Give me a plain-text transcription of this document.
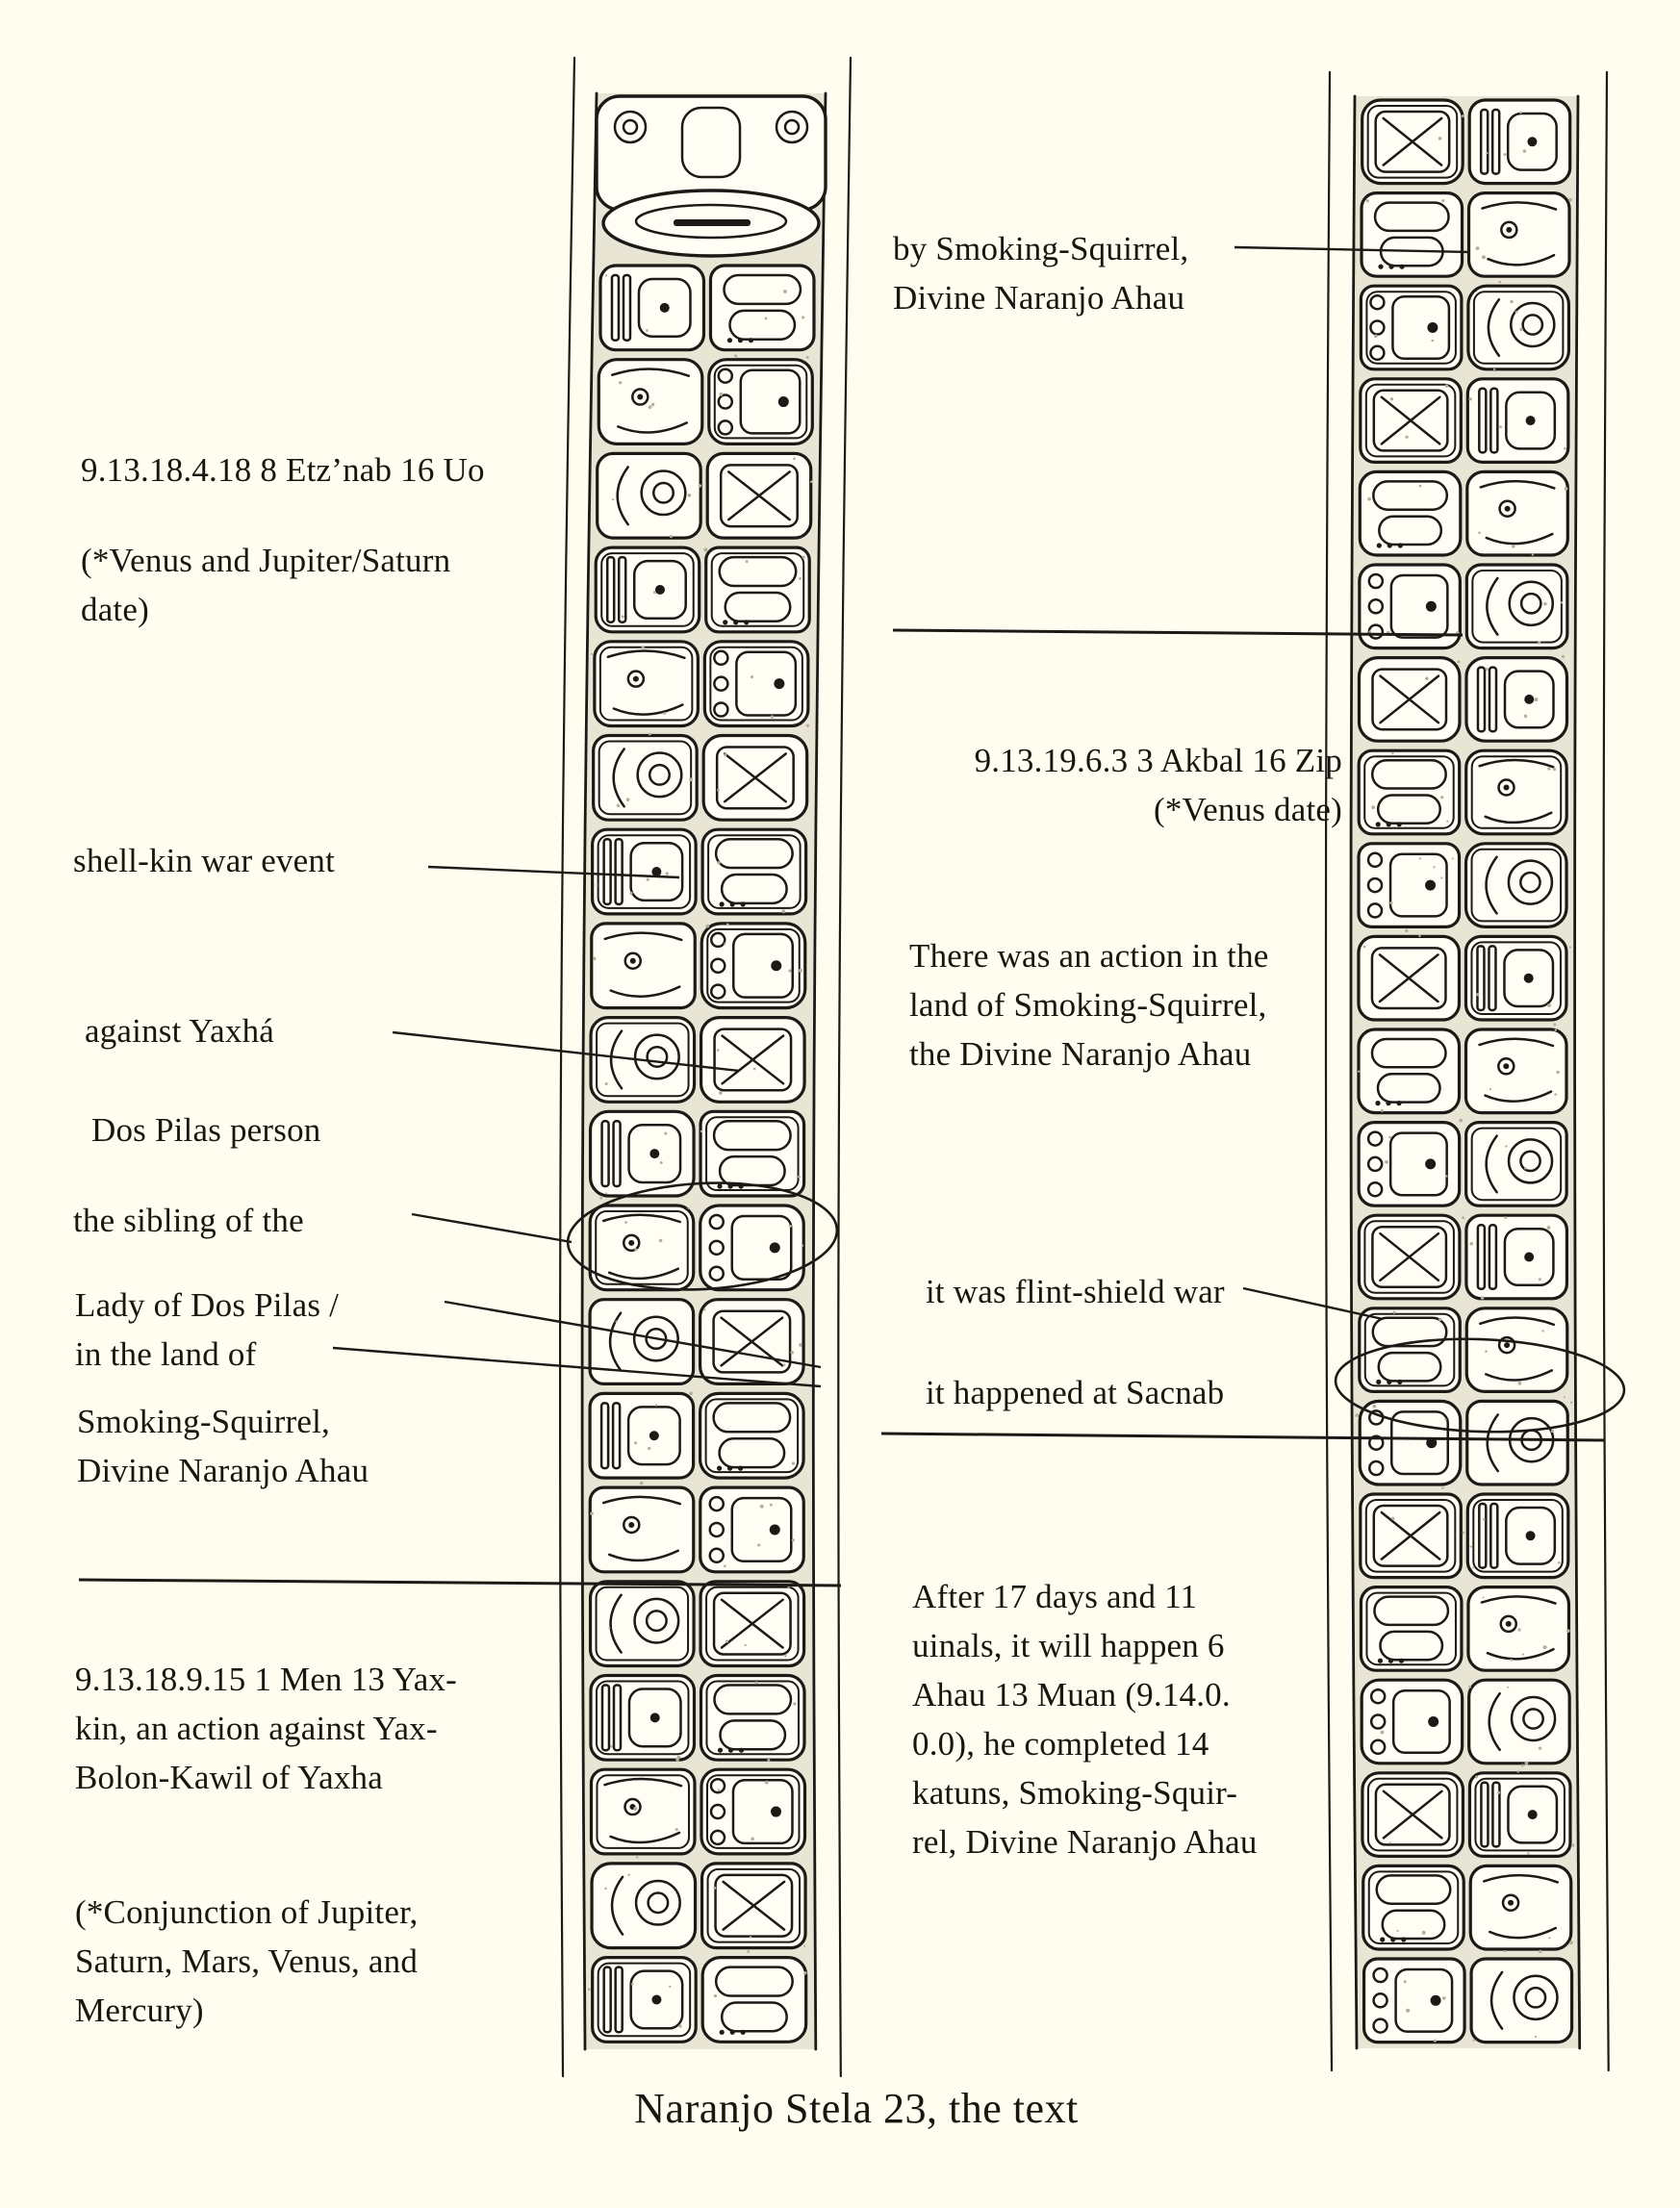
9.13.18.4.18 8 Etz’nab 16 Uo
(*Venus and Jupiter/Saturn
date)
shell-kin war event
against Yaxhá
Dos Pilas person
the sibling of the
Lady of Dos Pilas /
in the land of
Smoking-Squirrel,
Divine Naranjo Ahau
9.13.18.9.15 1 Men 13 Yax-
kin, an action against Yax-
Bolon-Kawil of Yaxha
(*Conjunction of Jupiter,
Saturn, Mars, Venus, and
Mercury)
by Smoking-Squirrel,
Divine Naranjo Ahau
9.13.19.6.3 3 Akbal 16 Zip
(*Venus date)
There was an action in the
land of Smoking-Squirrel,
the Divine Naranjo Ahau
it was flint-shield war
it happened at Sacnab
After 17 days and 11
uinals, it will happen 6
Ahau 13 Muan (9.14.0.
0.0), he completed 14
katuns, Smoking-Squir-
rel, Divine Naranjo Ahau
Naranjo Stela 23, the text
